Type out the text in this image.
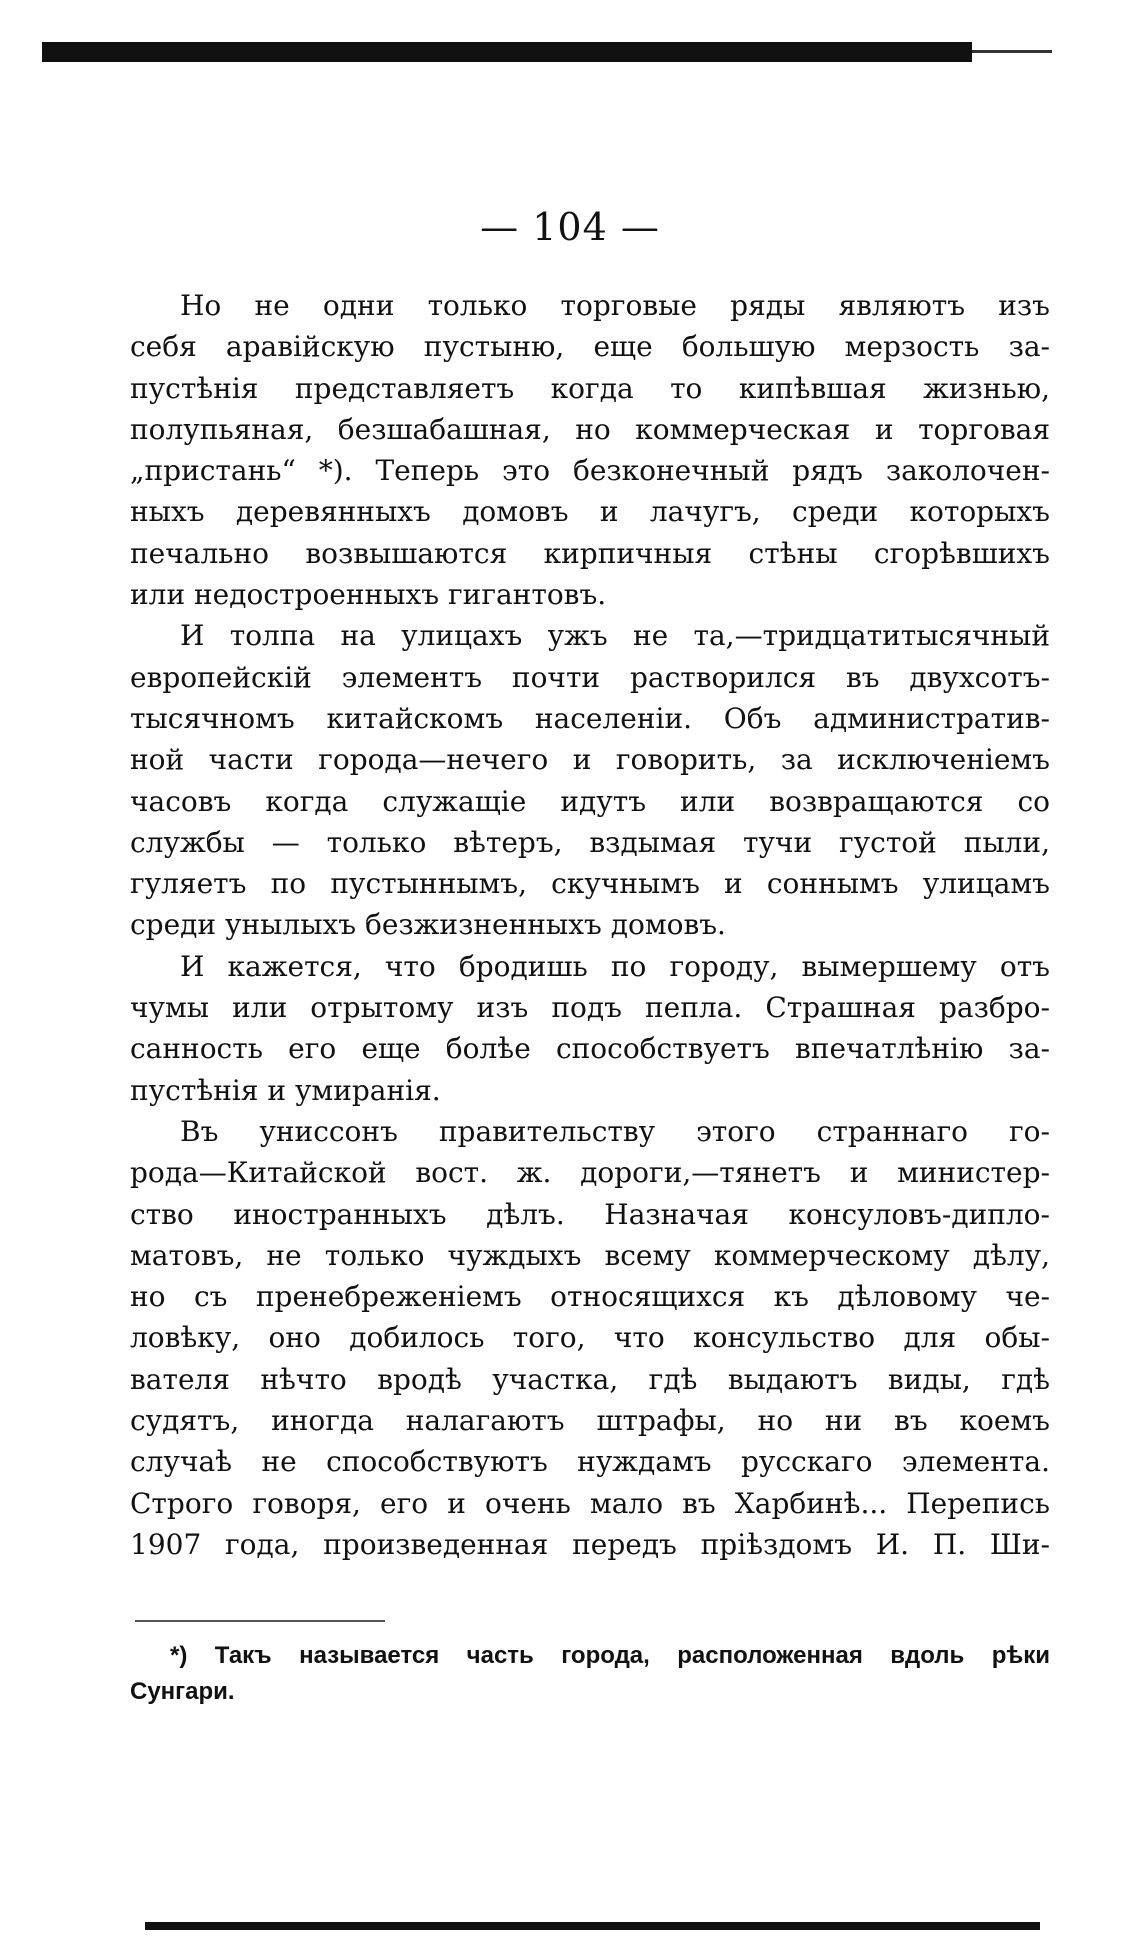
— 104 —

Но не одни только торговые ряды являютъ изъ
себя аравійскую пустыню, еще большую мерзость за-
пустѣнія представляетъ когда то кипѣвшая жизнью,
полупьяная, безшабашная, но коммерческая и торговая
„пристань“ *). Теперь это безконечный рядъ заколочен-
ныхъ деревянныхъ домовъ и лачугъ, среди которыхъ
печально возвышаются кирпичныя стѣны сгорѣвшихъ
или недостроенныхъ гигантовъ.

И толпа на улицахъ ужъ не та,—тридцатитысячный
европейскій элементъ почти растворился въ двухсотъ-
тысячномъ китайскомъ населеніи. Объ административ-
ной части города—нечего и говорить, за исключеніемъ
часовъ когда служащіе идутъ или возвращаются со
службы — только вѣтеръ, вздымая тучи густой пыли,
гуляетъ по пустыннымъ, скучнымъ и соннымъ улицамъ
среди унылыхъ безжизненныхъ домовъ.

И кажется, что бродишь по городу, вымершему отъ
чумы или отрытому изъ подъ пепла. Страшная разбро-
санность его еще болѣе способствуетъ впечатлѣнію за-
пустѣнія и умиранія.

Въ униссонъ правительству этого страннаго го-
рода—Китайской вост. ж. дороги,—тянетъ и министер-
ство иностранныхъ дѣлъ. Назначая консуловъ-дипло-
матовъ, не только чуждыхъ всему коммерческому дѣлу,
но съ пренебреженіемъ относящихся къ дѣловому че-
ловѣку, оно добилось того, что консульство для обы-
вателя нѣчто вродѣ участка, гдѣ выдаютъ виды, гдѣ
судятъ, иногда налагаютъ штрафы, но ни въ коемъ
случаѣ не способствуютъ нуждамъ русскаго элемента.
Строго говоря, его и очень мало въ Харбинѣ... Перепись
1907 года, произведенная передъ пріѣздомъ И. П. Ши-

*) Такъ называется часть города, расположенная вдоль рѣки
Сунгари.
